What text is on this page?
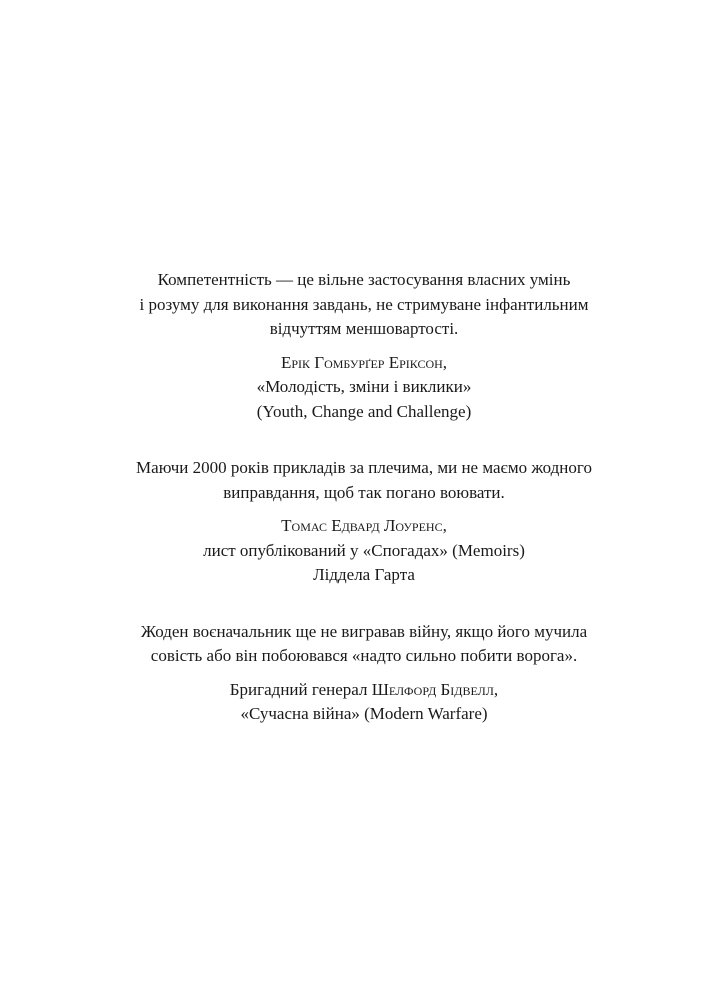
Компетентність — це вільне застосування власних умінь
і розуму для виконання завдань, не стримуване інфантильним
відчуттям меншовартості.
Ерік Гомбурґер Еріксон,
«Молодість, зміни і виклики»
(Youth, Change and Challenge)
Маючи 2000 років прикладів за плечима, ми не маємо жодного
виправдання, щоб так погано воювати.
Томас Едвард Лоуренс,
лист опублікований у «Спогадах» (Memoirs)
Ліддела Гарта
Жоден воєначальник ще не вигравав війну, якщо його мучила
совість або він побоювався «надто сильно побити ворога».
Бригадний генерал Шелфорд Бідвелл,
«Сучасна війна» (Modern Warfare)
